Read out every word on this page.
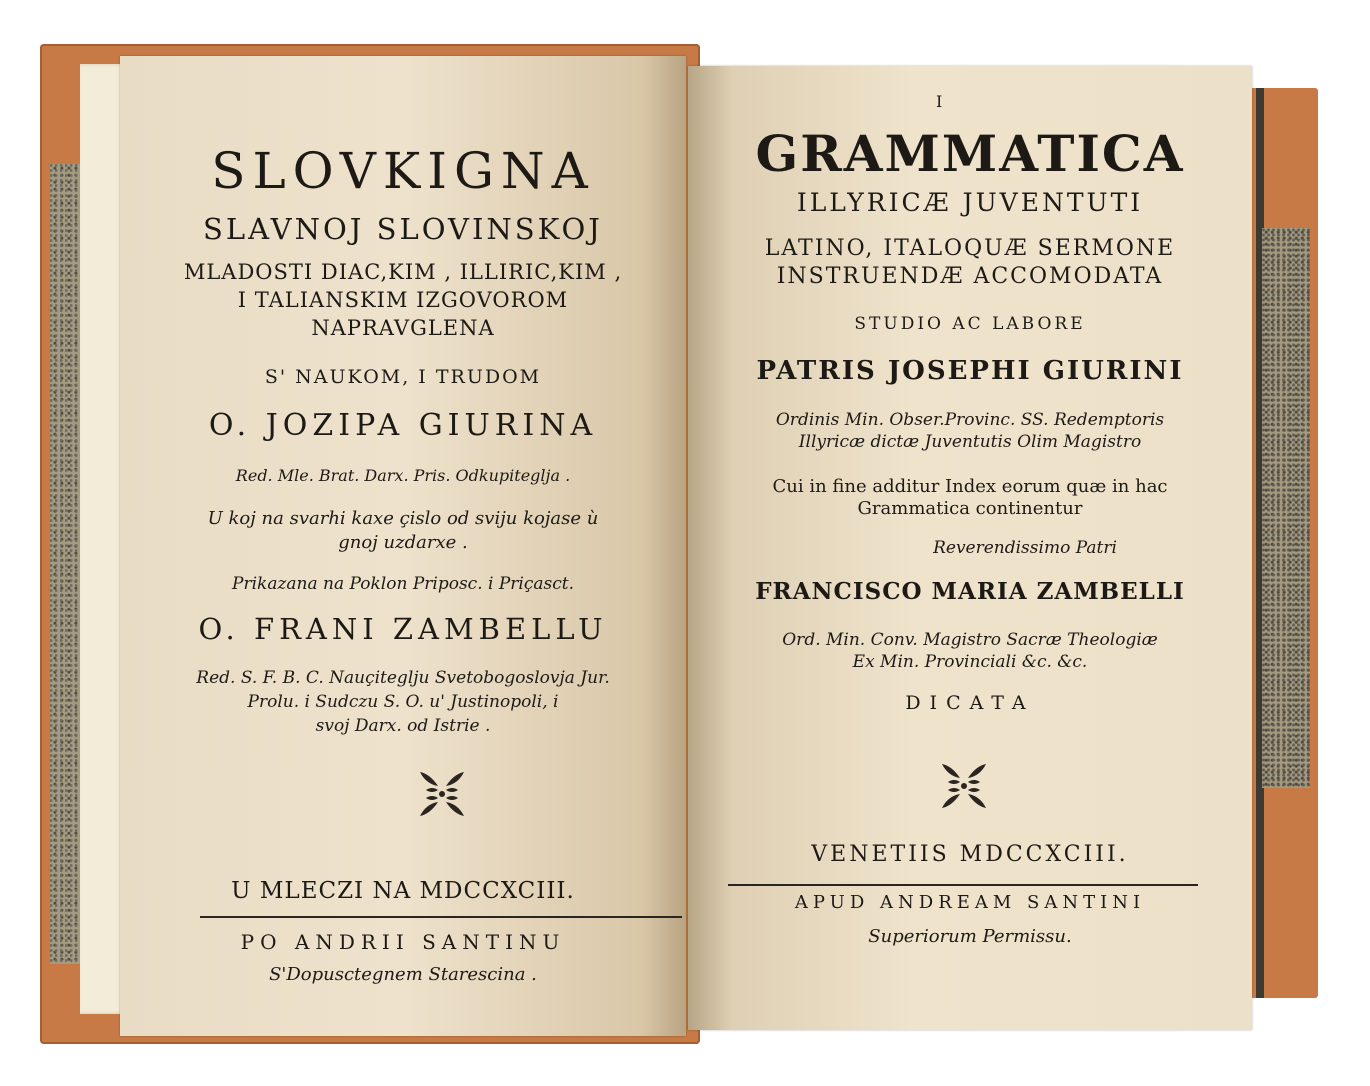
SLOVKIGNA
SLAVNOJ SLOVINSKOJ
MLADOSTI DIAC,KIM , ILLIRIC,KIM ,
I TALIANSKIM IZGOVOROM
NAPRAVGLENA
S' NAUKOM, I TRUDOM
O. JOZIPA GIURINA
Red. Mle. Brat. Darx. Pris. Odkupiteglja .
U koj na svarhi kaxe çislo od sviju kojase ù
gnoj uzdarxe .
Prikazana na Poklon Priposc. i Priçasct.
O. FRANI ZAMBELLU
Red. S. F. B. C. Nauçiteglju Svetobogoslovja Jur.
Prolu. i Sudczu S. O. u' Justinopoli, i
svoj Darx. od Istrie .
U MLECZI NA MDCCXCIII.
PO ANDRII SANTINU
S'Dopusctegnem Starescina .
I
GRAMMATICA
ILLYRICÆ JUVENTUTI
LATINO, ITALOQUÆ SERMONE
INSTRUENDÆ ACCOMODATA
STUDIO AC LABORE
PATRIS JOSEPHI GIURINI
Ordinis Min. Obser.Provinc. SS. Redemptoris
Illyricæ dictæ Juventutis Olim Magistro
Cui in fine additur Index eorum quæ in hac
Grammatica continentur
Reverendissimo Patri
FRANCISCO MARIA ZAMBELLI
Ord. Min. Conv. Magistro Sacræ Theologiæ
Ex Min. Provinciali &c. &c.
DICATA
VENETIIS MDCCXCIII.
APUD ANDREAM SANTINI
Superiorum Permissu.
